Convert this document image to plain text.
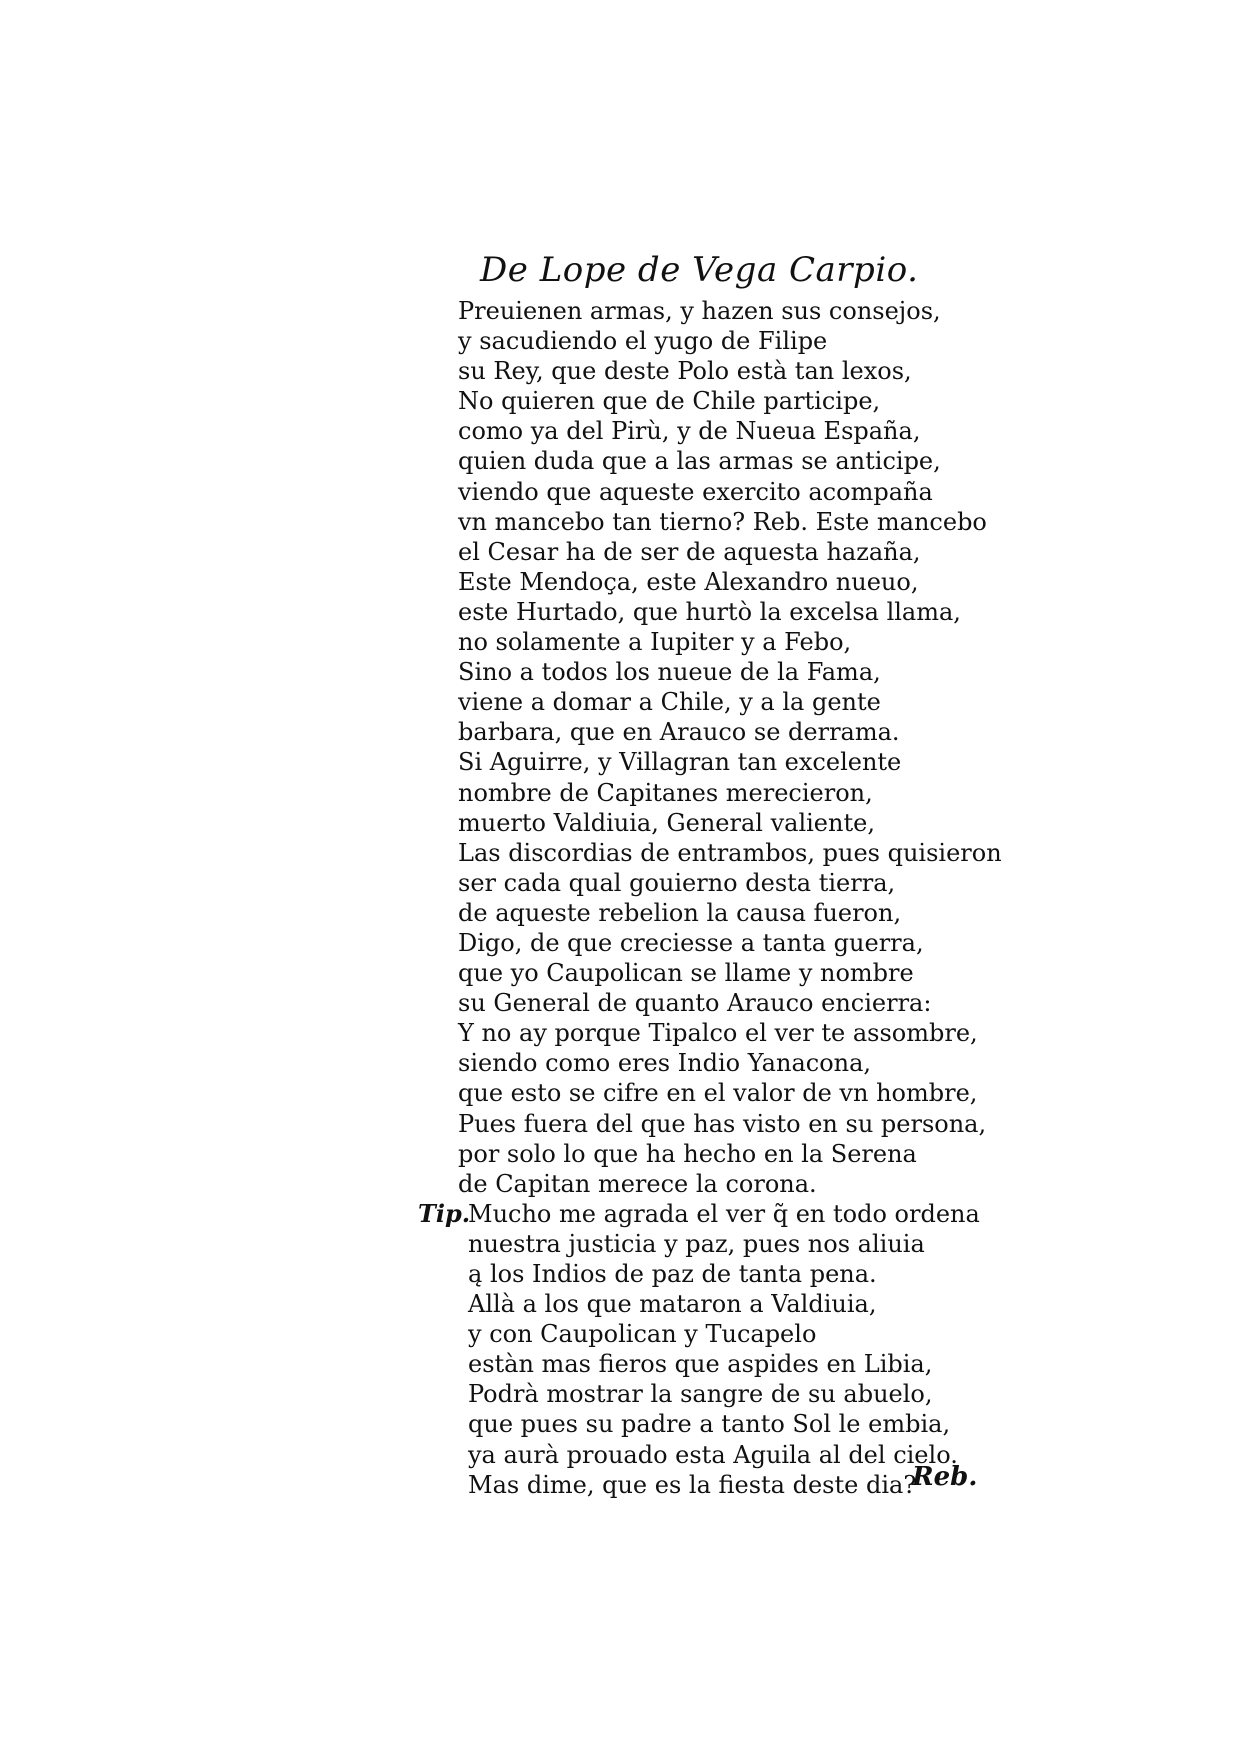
De Lope de Vega Carpio.
Preuienen armas, y hazen sus consejos,
y sacudiendo el yugo de Filipe
su Rey, que deste Polo està tan lexos,
No quieren que de Chile participe,
como ya del Pirù, y de Nueua España,
quien duda que a las armas se anticipe,
viendo que aqueste exercito acompaña
vn mancebo tan tierno? Reb. Este mancebo
el Cesar ha de ser de aquesta hazaña,
Este Mendoça, este Alexandro nueuo,
este Hurtado, que hurtò la excelsa llama,
no solamente a Iupiter y a Febo,
Sino a todos los nueue de la Fama,
viene a domar a Chile, y a la gente
barbara, que en Arauco se derrama.
Si Aguirre, y Villagran tan excelente
nombre de Capitanes merecieron,
muerto Valdiuia, General valiente,
Las discordias de entrambos, pues quisieron
ser cada qual gouierno desta tierra,
de aqueste rebelion la causa fueron,
Digo, de que creciesse a tanta guerra,
que yo Caupolican se llame y nombre
su General de quanto Arauco encierra:
Y no ay porque Tipalco el ver te assombre,
siendo como eres Indio Yanacona,
que esto se cifre en el valor de vn hombre,
Pues fuera del que has visto en su persona,
por solo lo que ha hecho en la Serena
de Capitan merece la corona.
Tip.
Mucho me agrada el ver q̃ en todo ordena
nuestra justicia y paz, pues nos aliuia
ą los Indios de paz de tanta pena.
Allà a los que mataron a Valdiuia,
y con Caupolican y Tucapelo
estàn mas fieros que aspides en Libia,
Podrà mostrar la sangre de su abuelo,
que pues su padre a tanto Sol le embia,
ya aurà prouado esta Aguila al del cielo.
Mas dime, que es la fiesta deste dia?
Reb.
